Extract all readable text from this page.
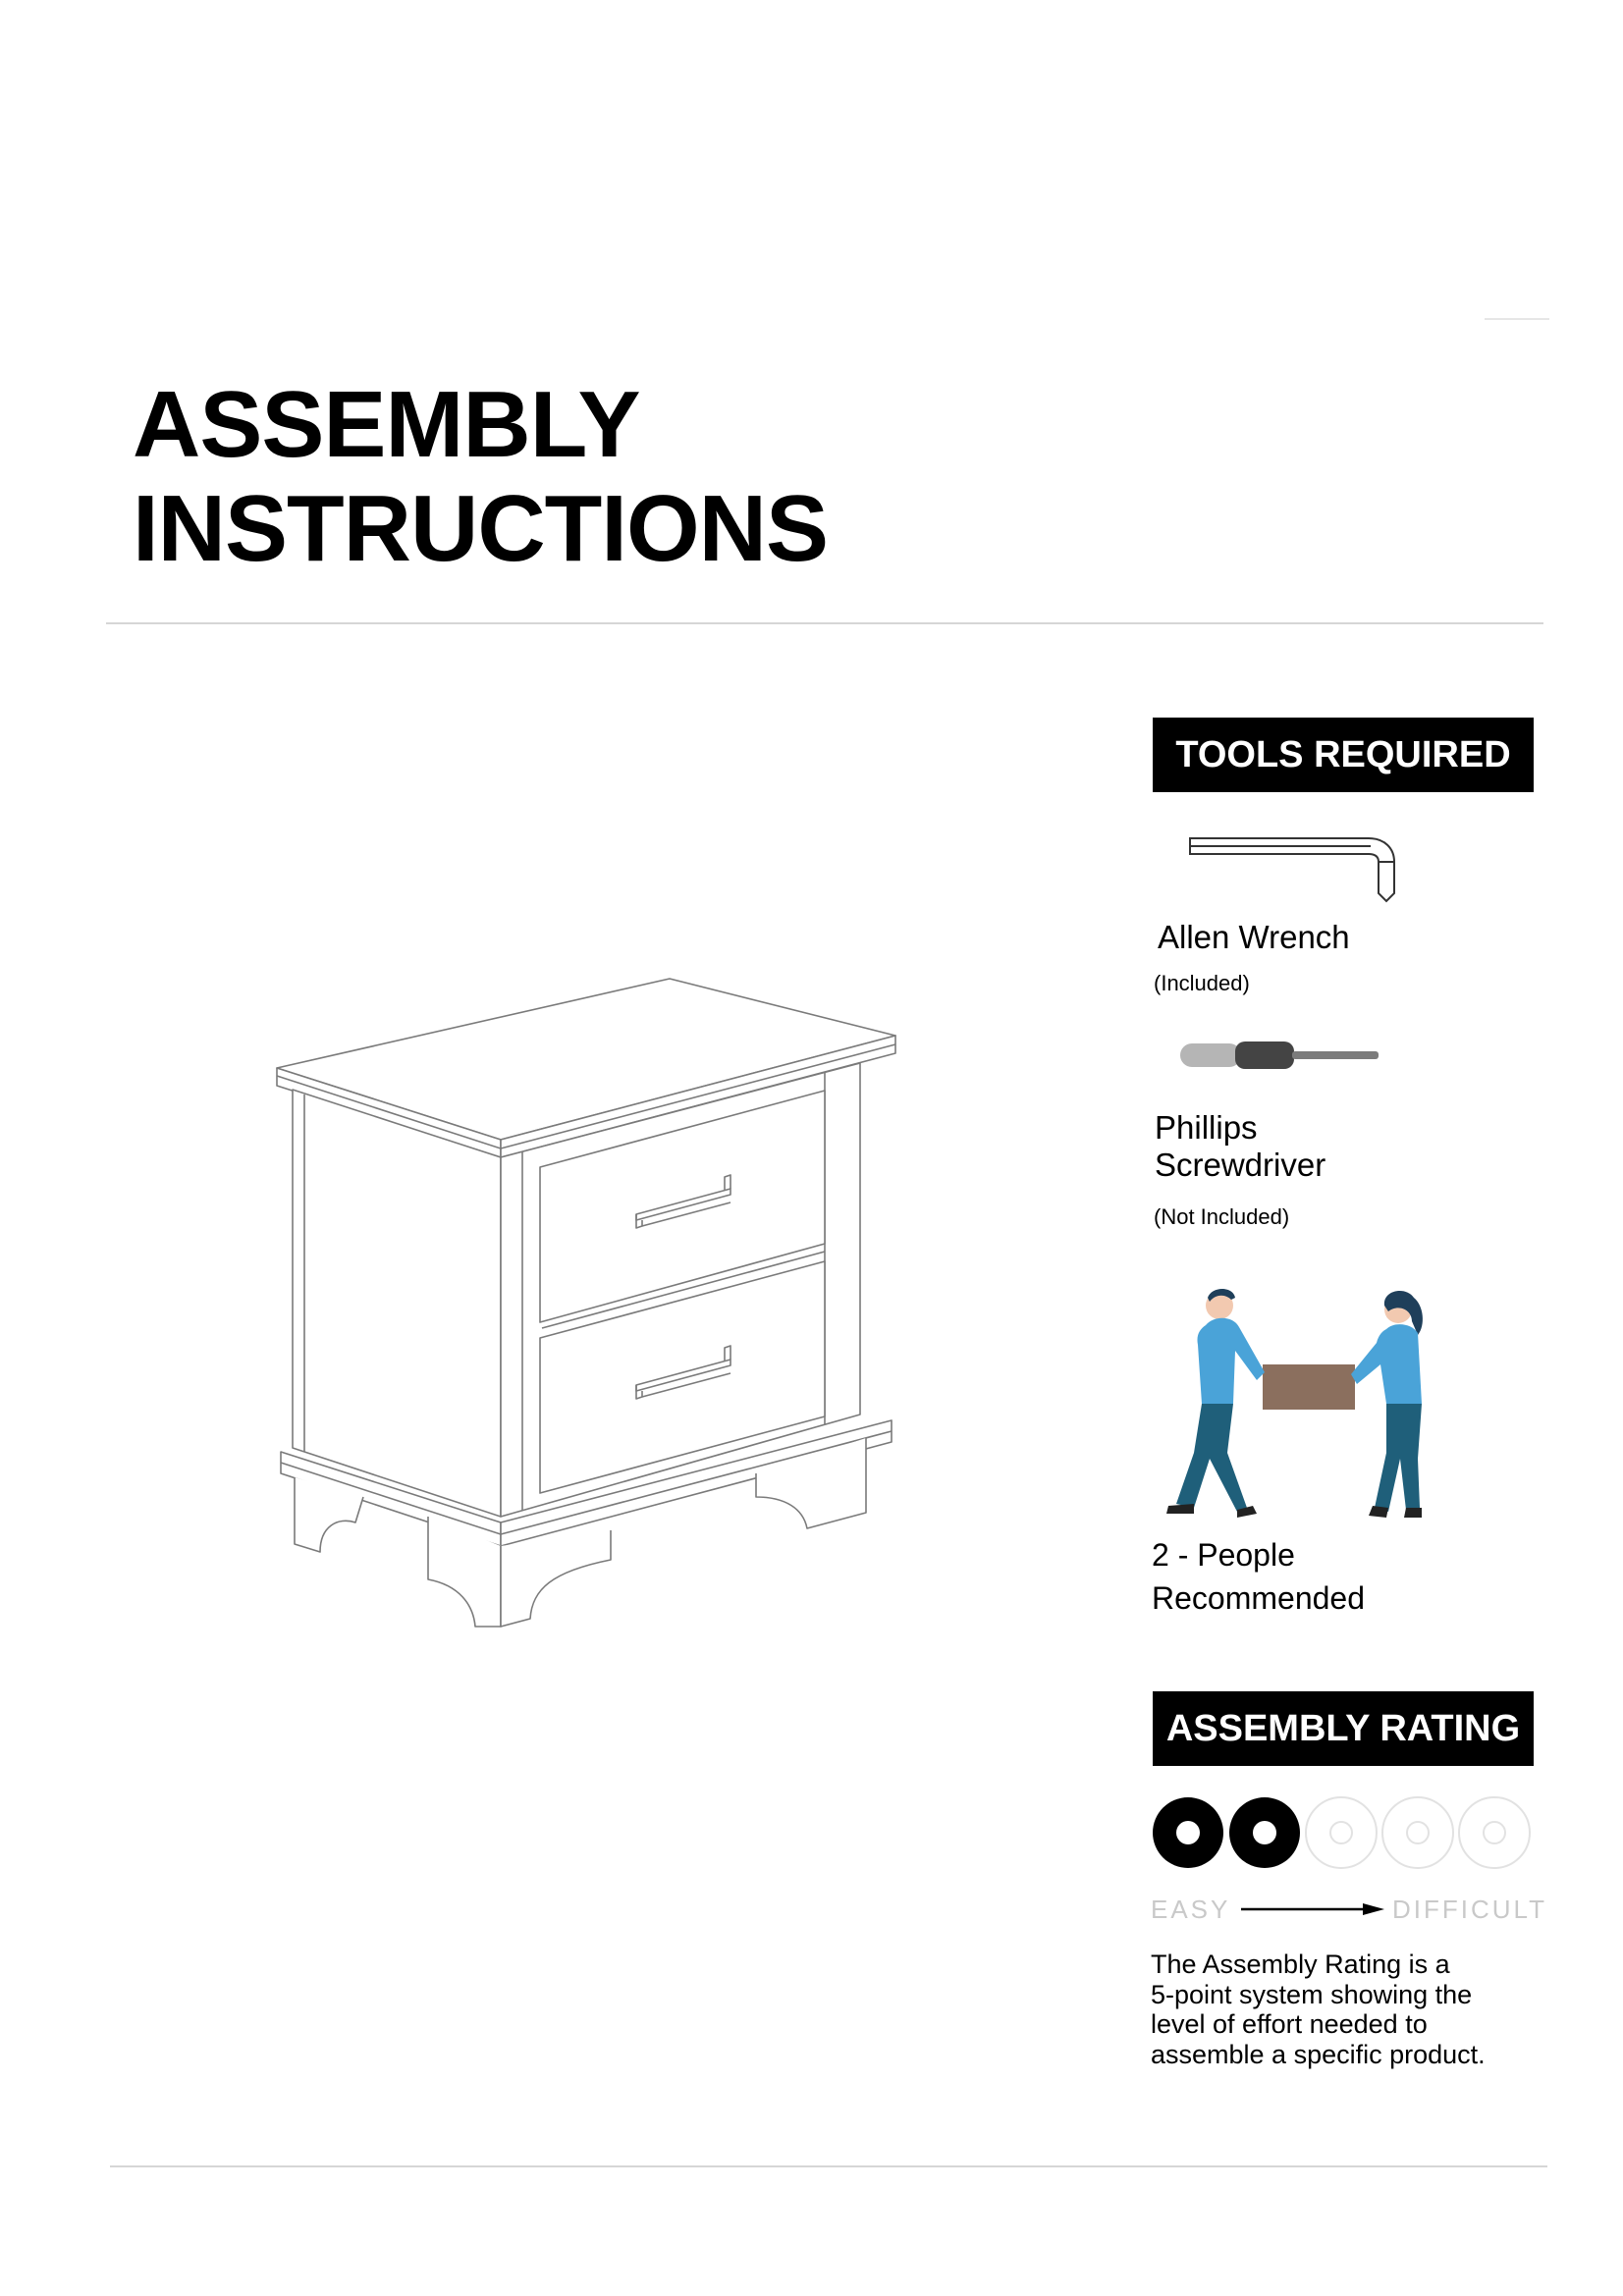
ASSEMBLY
INSTRUCTIONS
TOOLS REQUIRED
Allen Wrench
(Included)
Phillips
Screwdriver
(Not Included)
2 - People
Recommended
ASSEMBLY RATING
EASY	DIFFICULT
The Assembly Rating is a
5-point system showing the
level of effort needed to
assemble a specific product.
